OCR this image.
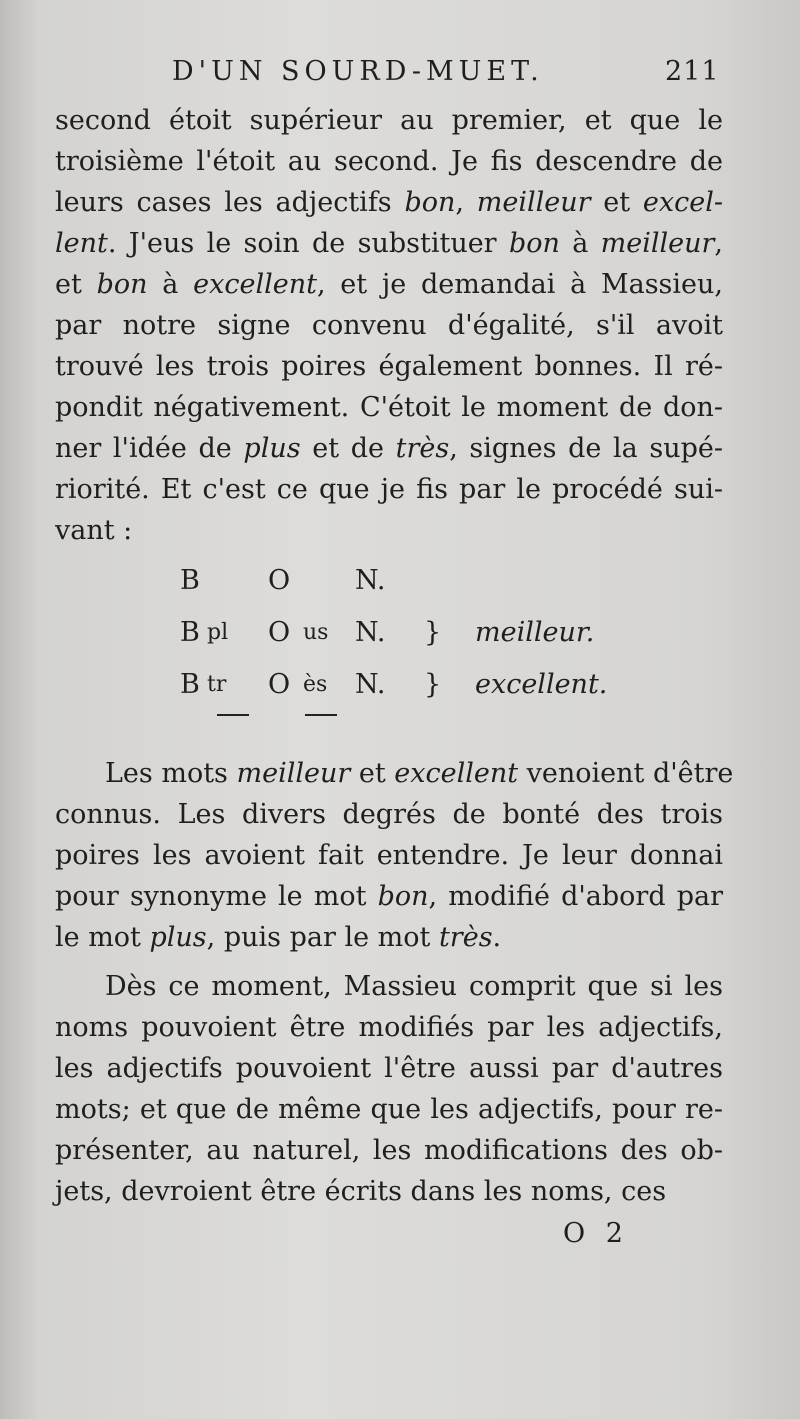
D'UN SOURD-MUET.	211
second étoit supérieur au premier, et que le
troisième l'étoit au second. Je fis descendre de
leurs cases les adjectifs bon, meilleur et excel-
lent. J'eus le soin de substituer bon à meilleur,
et bon à excellent, et je demandai à Massieu,
par notre signe convenu d'égalité, s'il avoit
trouvé les trois poires également bonnes. Il ré-
pondit négativement. C'étoit le moment de don-
ner l'idée de plus et de très, signes de la supé-
riorité. Et c'est ce que je fis par le procédé sui-
vant :
B	O N.
B pl O us N. } meilleur.
B tr O ès N. } excellent.
Les mots meilleur et excellent venoient d'être
connus. Les divers degrés de bonté des trois
poires les avoient fait entendre. Je leur donnai
pour synonyme le mot bon, modifié d'abord par
le mot plus, puis par le mot très.
Dès ce moment, Massieu comprit que si les
noms pouvoient être modifiés par les adjectifs,
les adjectifs pouvoient l'être aussi par d'autres
mots; et que de même que les adjectifs, pour re-
présenter, au naturel, les modifications des ob-
jets, devroient être écrits dans les noms, ces
O 2
